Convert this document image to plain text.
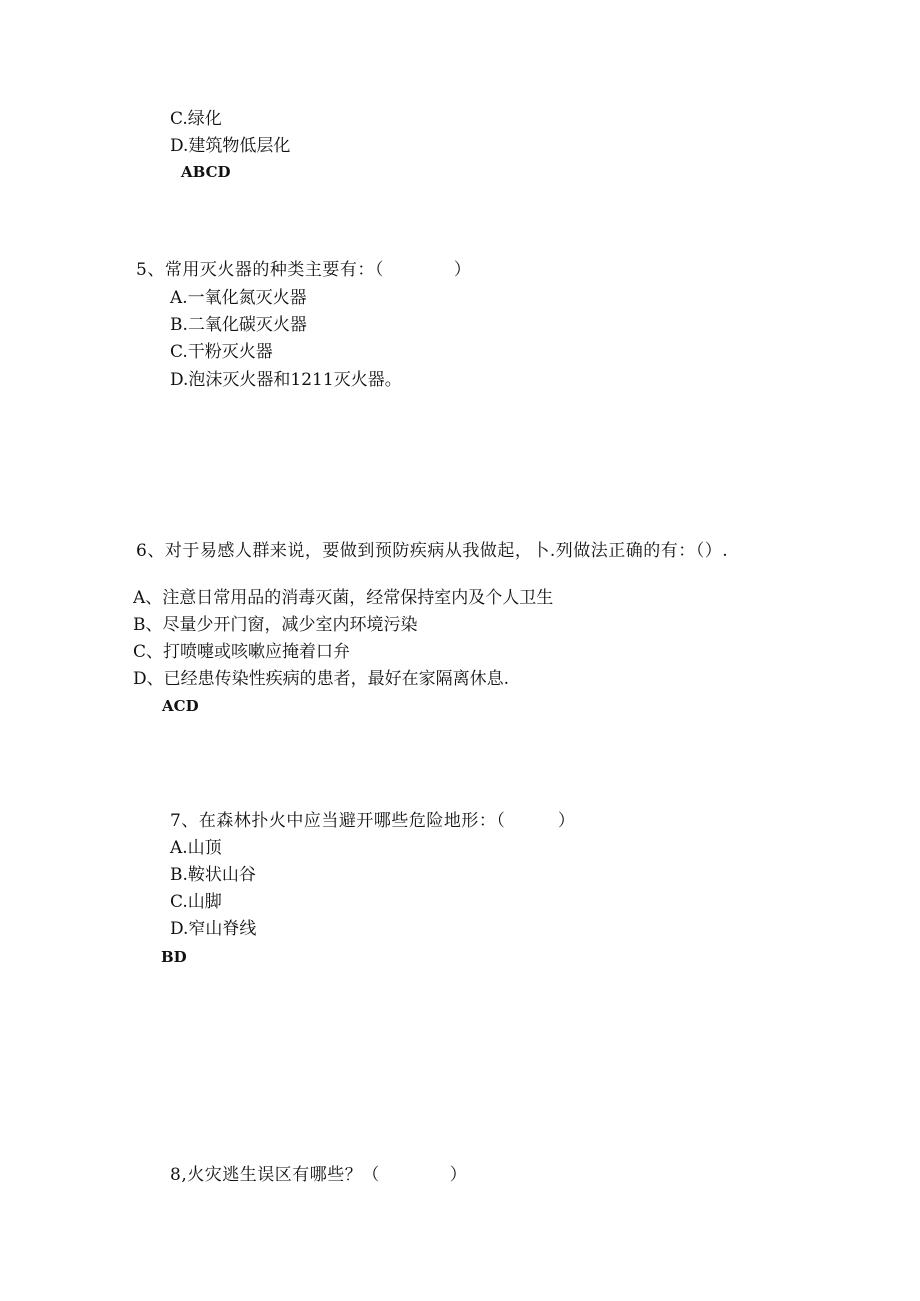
C.绿化
D.建筑物低层化
ABCD
5、常用灭火器的种类主要有：（　　　　）
A.一氧化氮灭火器
B.二氧化碳灭火器
C.干粉灭火器
D.泡沫灭火器和1211灭火器。
6、对于易感人群来说，要做到预防疾病从我做起，卜.列做法正确的有：（）.
A、注意日常用品的消毒灭菌，经常保持室内及个人卫生
B、尽量少开门窗，减少室内环境污染
C、打喷嚏或咳嗽应掩着口弁
D、已经患传染性疾病的患者，最好在家隔离休息.
ACD
7、在森林扑火中应当避开哪些危险地形：（　　　）
A.山顶
B.鞍状山谷
C.山脚
D.窄山脊线
BD
8,火灾逃生误区有哪些？（　　　　）
